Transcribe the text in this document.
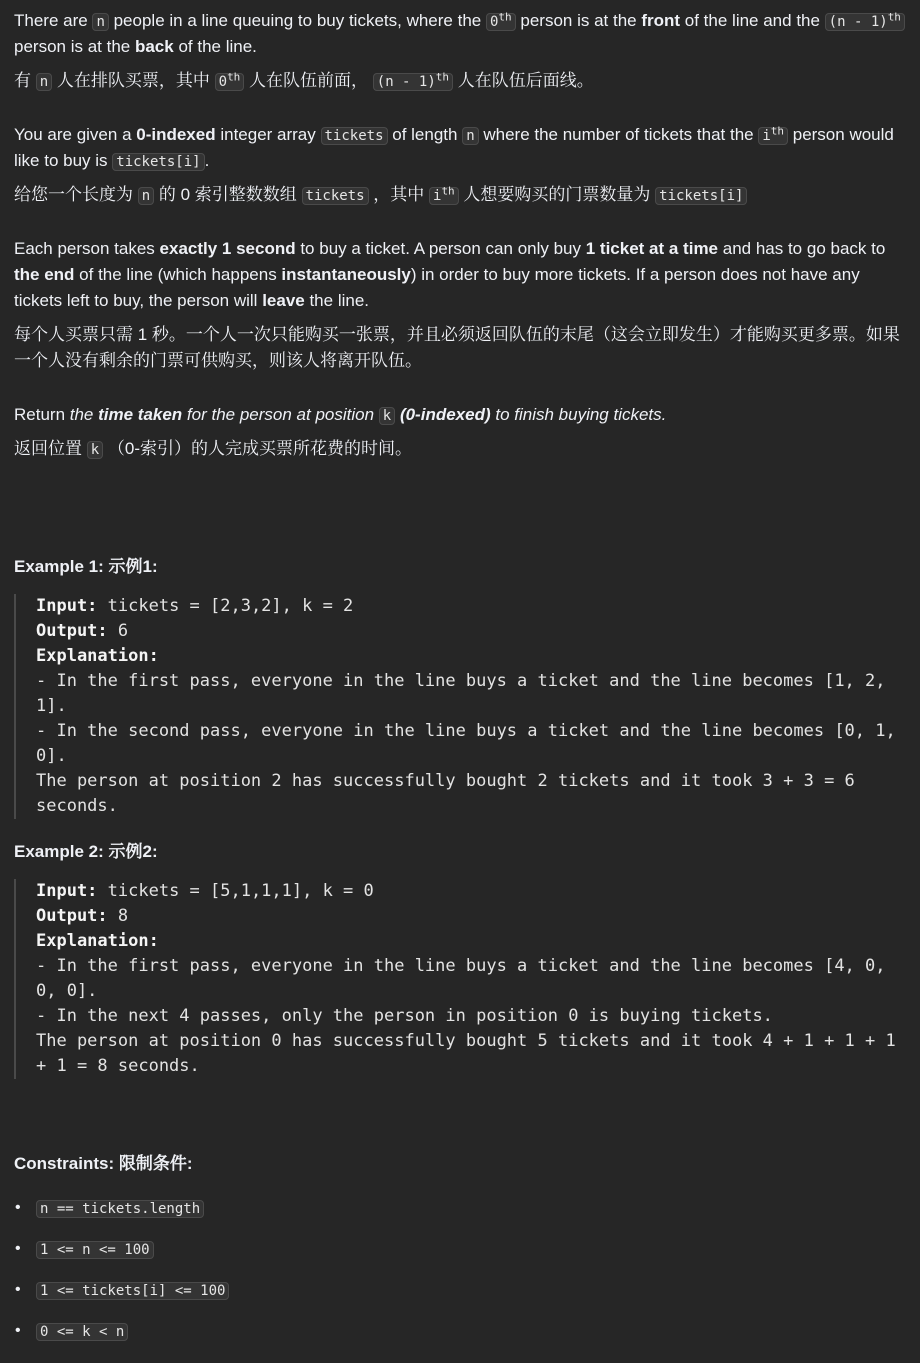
There are n people in a line queuing to buy tickets, where the 0th person is at the front of the line and the (n - 1)$^{th}$ person is at the back of the line.

有 n 人在排队买票，其中 0th 人在队伍前面， (n - 1)$^{th}$ 人在队伍后面线。

You are given a 0-indexed integer array tickets of length n where the number of tickets that the $i^{th}$ person would like to buy is tickets[i] .

给您一个长度为 n 的 0 索引整数数组 tickets ，其中 $i^{th}$ 人想要购买的门票数量为 tickets[i]

Each person takes exactly 1 second to buy a ticket. A person can only buy 1 ticket at a time and has to go back to the end of the line (which happens instantaneously) in order to buy more tickets. If a person does not have any tickets left to buy, the person will leave the line.

每个人买票只需 1 秒。一个人一次只能购买一张票，并且必须返回队伍的末尾（这会立即发生）才能购买更多票。如果一个人没有剩余的门票可供购买，则该人将离开队伍。

Return the time taken for the person at position k (0-indexed) to finish buying tickets.

返回位置 k （0-索引）的人完成买票所花费的时间。

Example 1: 示例1:

Input: tickets = [2,3,2], k = 2
Output: 6
Explanation:
- In the first pass, everyone in the line buys a ticket and the line becomes [1, 2, 1].
- In the second pass, everyone in the line buys a ticket and the line becomes [0, 1, 0].
The person at position 2 has successfully bought 2 tickets and it took 3 + 3 = 6 seconds.

Example 2: 示例2:

Input: tickets = [5,1,1,1], k = 0
Output: 8
Explanation:
- In the first pass, everyone in the line buys a ticket and the line becomes [4, 0, 0, 0].
- In the next 4 passes, only the person in position 0 is buying tickets.
The person at position 0 has successfully bought 5 tickets and it took 4 + 1 + 1 + 1 + 1 = 8 seconds.

Constraints: 限制条件:

• n == tickets.length
• 1 <= n <= 100
• 1 <= tickets[i] <= 100
• 0 <= k < n
